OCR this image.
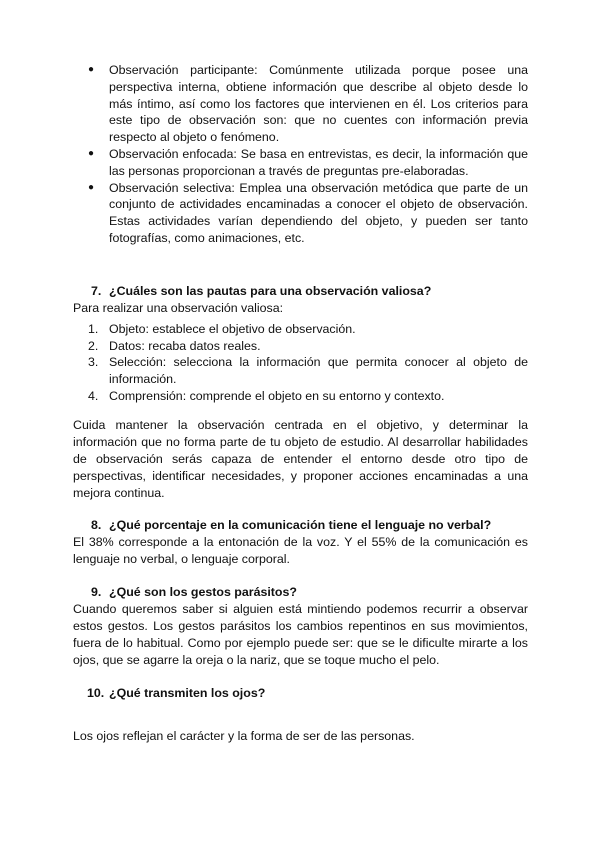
● Observación participante: Comúnmente utilizada porque posee una perspectiva interna, obtiene información que describe al objeto desde lo más íntimo, así como los factores que intervienen en él. Los criterios para este tipo de observación son: que no cuentes con información previa respecto al objeto o fenómeno.
● Observación enfocada: Se basa en entrevistas, es decir, la información que las personas proporcionan a través de preguntas pre-elaboradas.
● Observación selectiva: Emplea una observación metódica que parte de un conjunto de actividades encaminadas a conocer el objeto de observación. Estas actividades varían dependiendo del objeto, y pueden ser tanto fotografías, como animaciones, etc.

7. ¿Cuáles son las pautas para una observación valiosa?

Para realizar una observación valiosa:

1. Objeto: establece el objetivo de observación.
2. Datos: recaba datos reales.
3. Selección: selecciona la información que permita conocer al objeto de información.
4. Comprensión: comprende el objeto en su entorno y contexto.

Cuida mantener la observación centrada en el objetivo, y determinar la información que no forma parte de tu objeto de estudio. Al desarrollar habilidades de observación serás capaza de entender el entorno desde otro tipo de perspectivas, identificar necesidades, y proponer acciones encaminadas a una mejora continua.

8. ¿Qué porcentaje en la comunicación tiene el lenguaje no verbal?

El 38% corresponde a la entonación de la voz. Y el 55% de la comunicación es lenguaje no verbal, o lenguaje corporal.

9. ¿Qué son los gestos parásitos?

Cuando queremos saber si alguien está mintiendo podemos recurrir a observar estos gestos. Los gestos parásitos los cambios repentinos en sus movimientos, fuera de lo habitual. Como por ejemplo puede ser: que se le dificulte mirarte a los ojos, que se agarre la oreja o la nariz, que se toque mucho el pelo.

10. ¿Qué transmiten los ojos?

Los ojos reflejan el carácter y la forma de ser de las personas.
